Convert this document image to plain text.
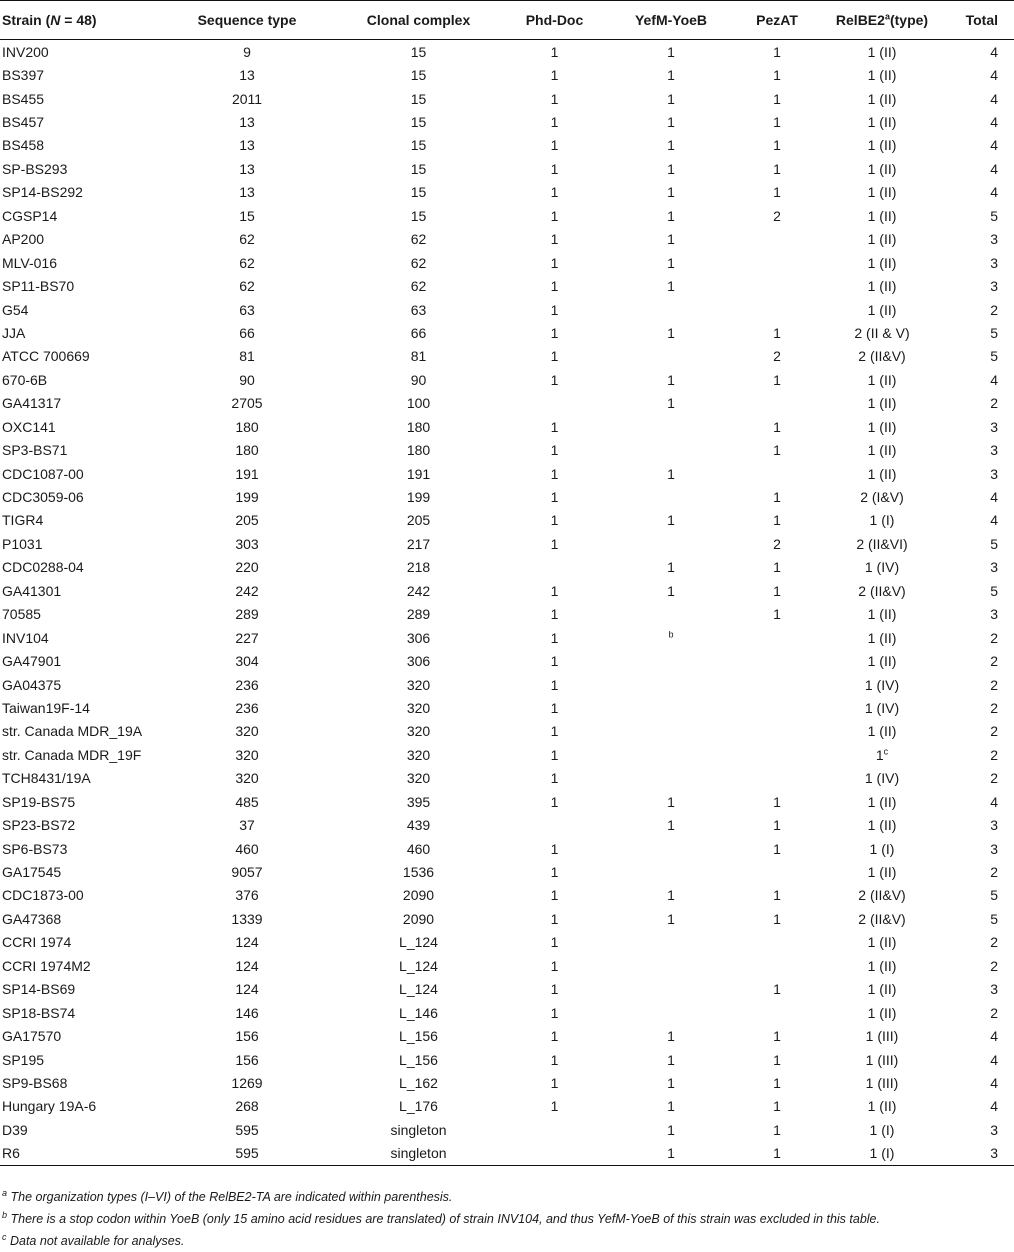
Strain (N = 48)	Sequence type	Clonal complex	Phd-Doc	YefM-YoeB	PezAT	RelBE2$^a$(type)	Total
INV200	9	15	1	1	1	1 (II)	4
BS397	13	15	1	1	1	1 (II)	4
BS455	2011	15	1	1	1	1 (II)	4
BS457	13	15	1	1	1	1 (II)	4
BS458	13	15	1	1	1	1 (II)	4
SP-BS293	13	15	1	1	1	1 (II)	4
SP14-BS292	13	15	1	1	1	1 (II)	4
CGSP14	15	15	1	1	2	1 (II)	5
AP200	62	62	1	1		1 (II)	3
MLV-016	62	62	1	1		1 (II)	3
SP11-BS70	62	62	1	1		1 (II)	3
G54	63	63	1			1 (II)	2
JJA	66	66	1	1	1	2 (II & V)	5
ATCC 700669	81	81	1		2	2 (II&V)	5
670-6B	90	90	1	1	1	1 (II)	4
GA41317	2705	100		1		1 (II)	2
OXC141	180	180	1		1	1 (II)	3
SP3-BS71	180	180	1		1	1 (II)	3
CDC1087-00	191	191	1	1		1 (II)	3
CDC3059-06	199	199	1		1	2 (I&V)	4
TIGR4	205	205	1	1	1	1 (I)	4
P1031	303	217	1		2	2 (II&VI)	5
CDC0288-04	220	218		1	1	1 (IV)	3
GA41301	242	242	1	1	1	2 (II&V)	5
70585	289	289	1		1	1 (II)	3
INV104	227	306	1	$^b$		1 (II)	2
GA47901	304	306	1			1 (II)	2
GA04375	236	320	1			1 (IV)	2
Taiwan19F-14	236	320	1			1 (IV)	2
str. Canada MDR_19A	320	320	1			1 (II)	2
str. Canada MDR_19F	320	320	1			1$^c$	2
TCH8431/19A	320	320	1			1 (IV)	2
SP19-BS75	485	395	1	1	1	1 (II)	4
SP23-BS72	37	439		1	1	1 (II)	3
SP6-BS73	460	460	1		1	1 (I)	3
GA17545	9057	1536	1			1 (II)	2
CDC1873-00	376	2090	1	1	1	2 (II&V)	5
GA47368	1339	2090	1	1	1	2 (II&V)	5
CCRI 1974	124	L_124	1			1 (II)	2
CCRI 1974M2	124	L_124	1			1 (II)	2
SP14-BS69	124	L_124	1		1	1 (II)	3
SP18-BS74	146	L_146	1			1 (II)	2
GA17570	156	L_156	1	1	1	1 (III)	4
SP195	156	L_156	1	1	1	1 (III)	4
SP9-BS68	1269	L_162	1	1	1	1 (III)	4
Hungary 19A-6	268	L_176	1	1	1	1 (II)	4
D39	595	singleton		1	1	1 (I)	3
R6	595	singleton		1	1	1 (I)	3
$^a$ The organization types (I–VI) of the RelBE2-TA are indicated within parenthesis.
$^b$ There is a stop codon within YoeB (only 15 amino acid residues are translated) of strain INV104, and thus YefM-YoeB of this strain was excluded in this table.
$^c$ Data not available for analyses.
